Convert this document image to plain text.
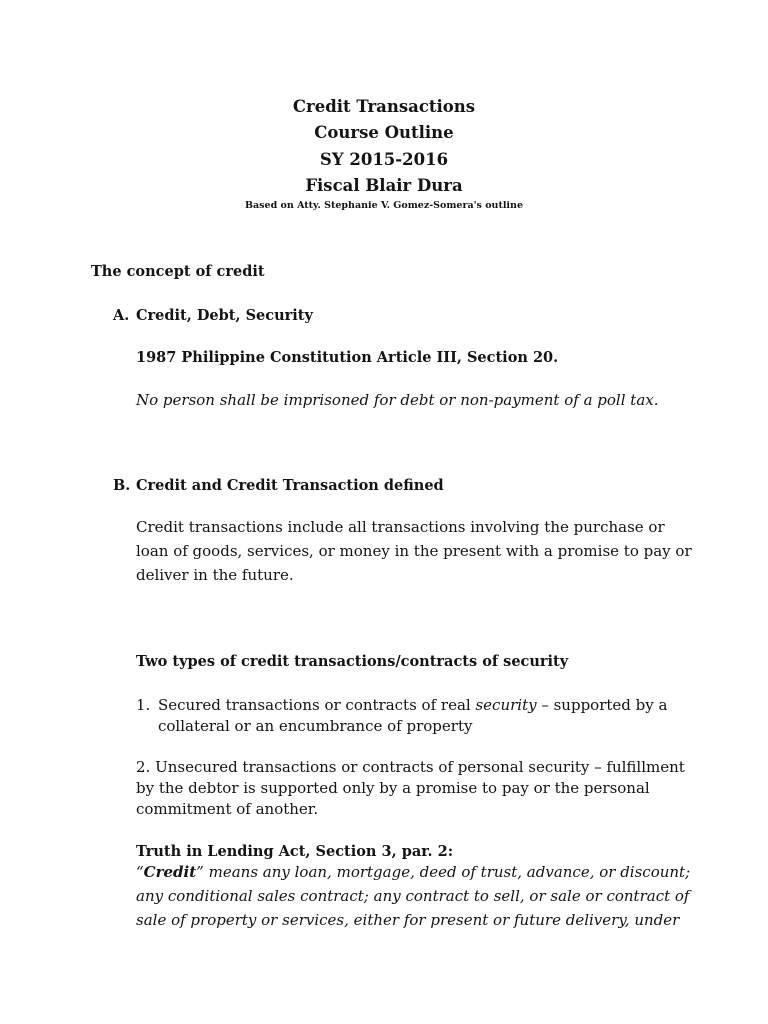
Credit Transactions
Course Outline
SY 2015-2016
Fiscal Blair Dura
Based on Atty. Stephanie V. Gomez-Somera's outline
The concept of credit
A. Credit, Debt, Security
1987 Philippine Constitution Article III, Section 20.
No person shall be imprisoned for debt or non-payment of a poll tax.
B. Credit and Credit Transaction defined
Credit transactions include all transactions involving the purchase or
loan of goods, services, or money in the present with a promise to pay or
deliver in the future.
Two types of credit transactions/contracts of security
1. Secured transactions or contracts of real security – supported by a
collateral or an encumbrance of property
2. Unsecured transactions or contracts of personal security – fulfillment
by the debtor is supported only by a promise to pay or the personal
commitment of another.
Truth in Lending Act, Section 3, par. 2:
“Credit” means any loan, mortgage, deed of trust, advance, or discount;
any conditional sales contract; any contract to sell, or sale or contract of
sale of property or services, either for present or future delivery, under
